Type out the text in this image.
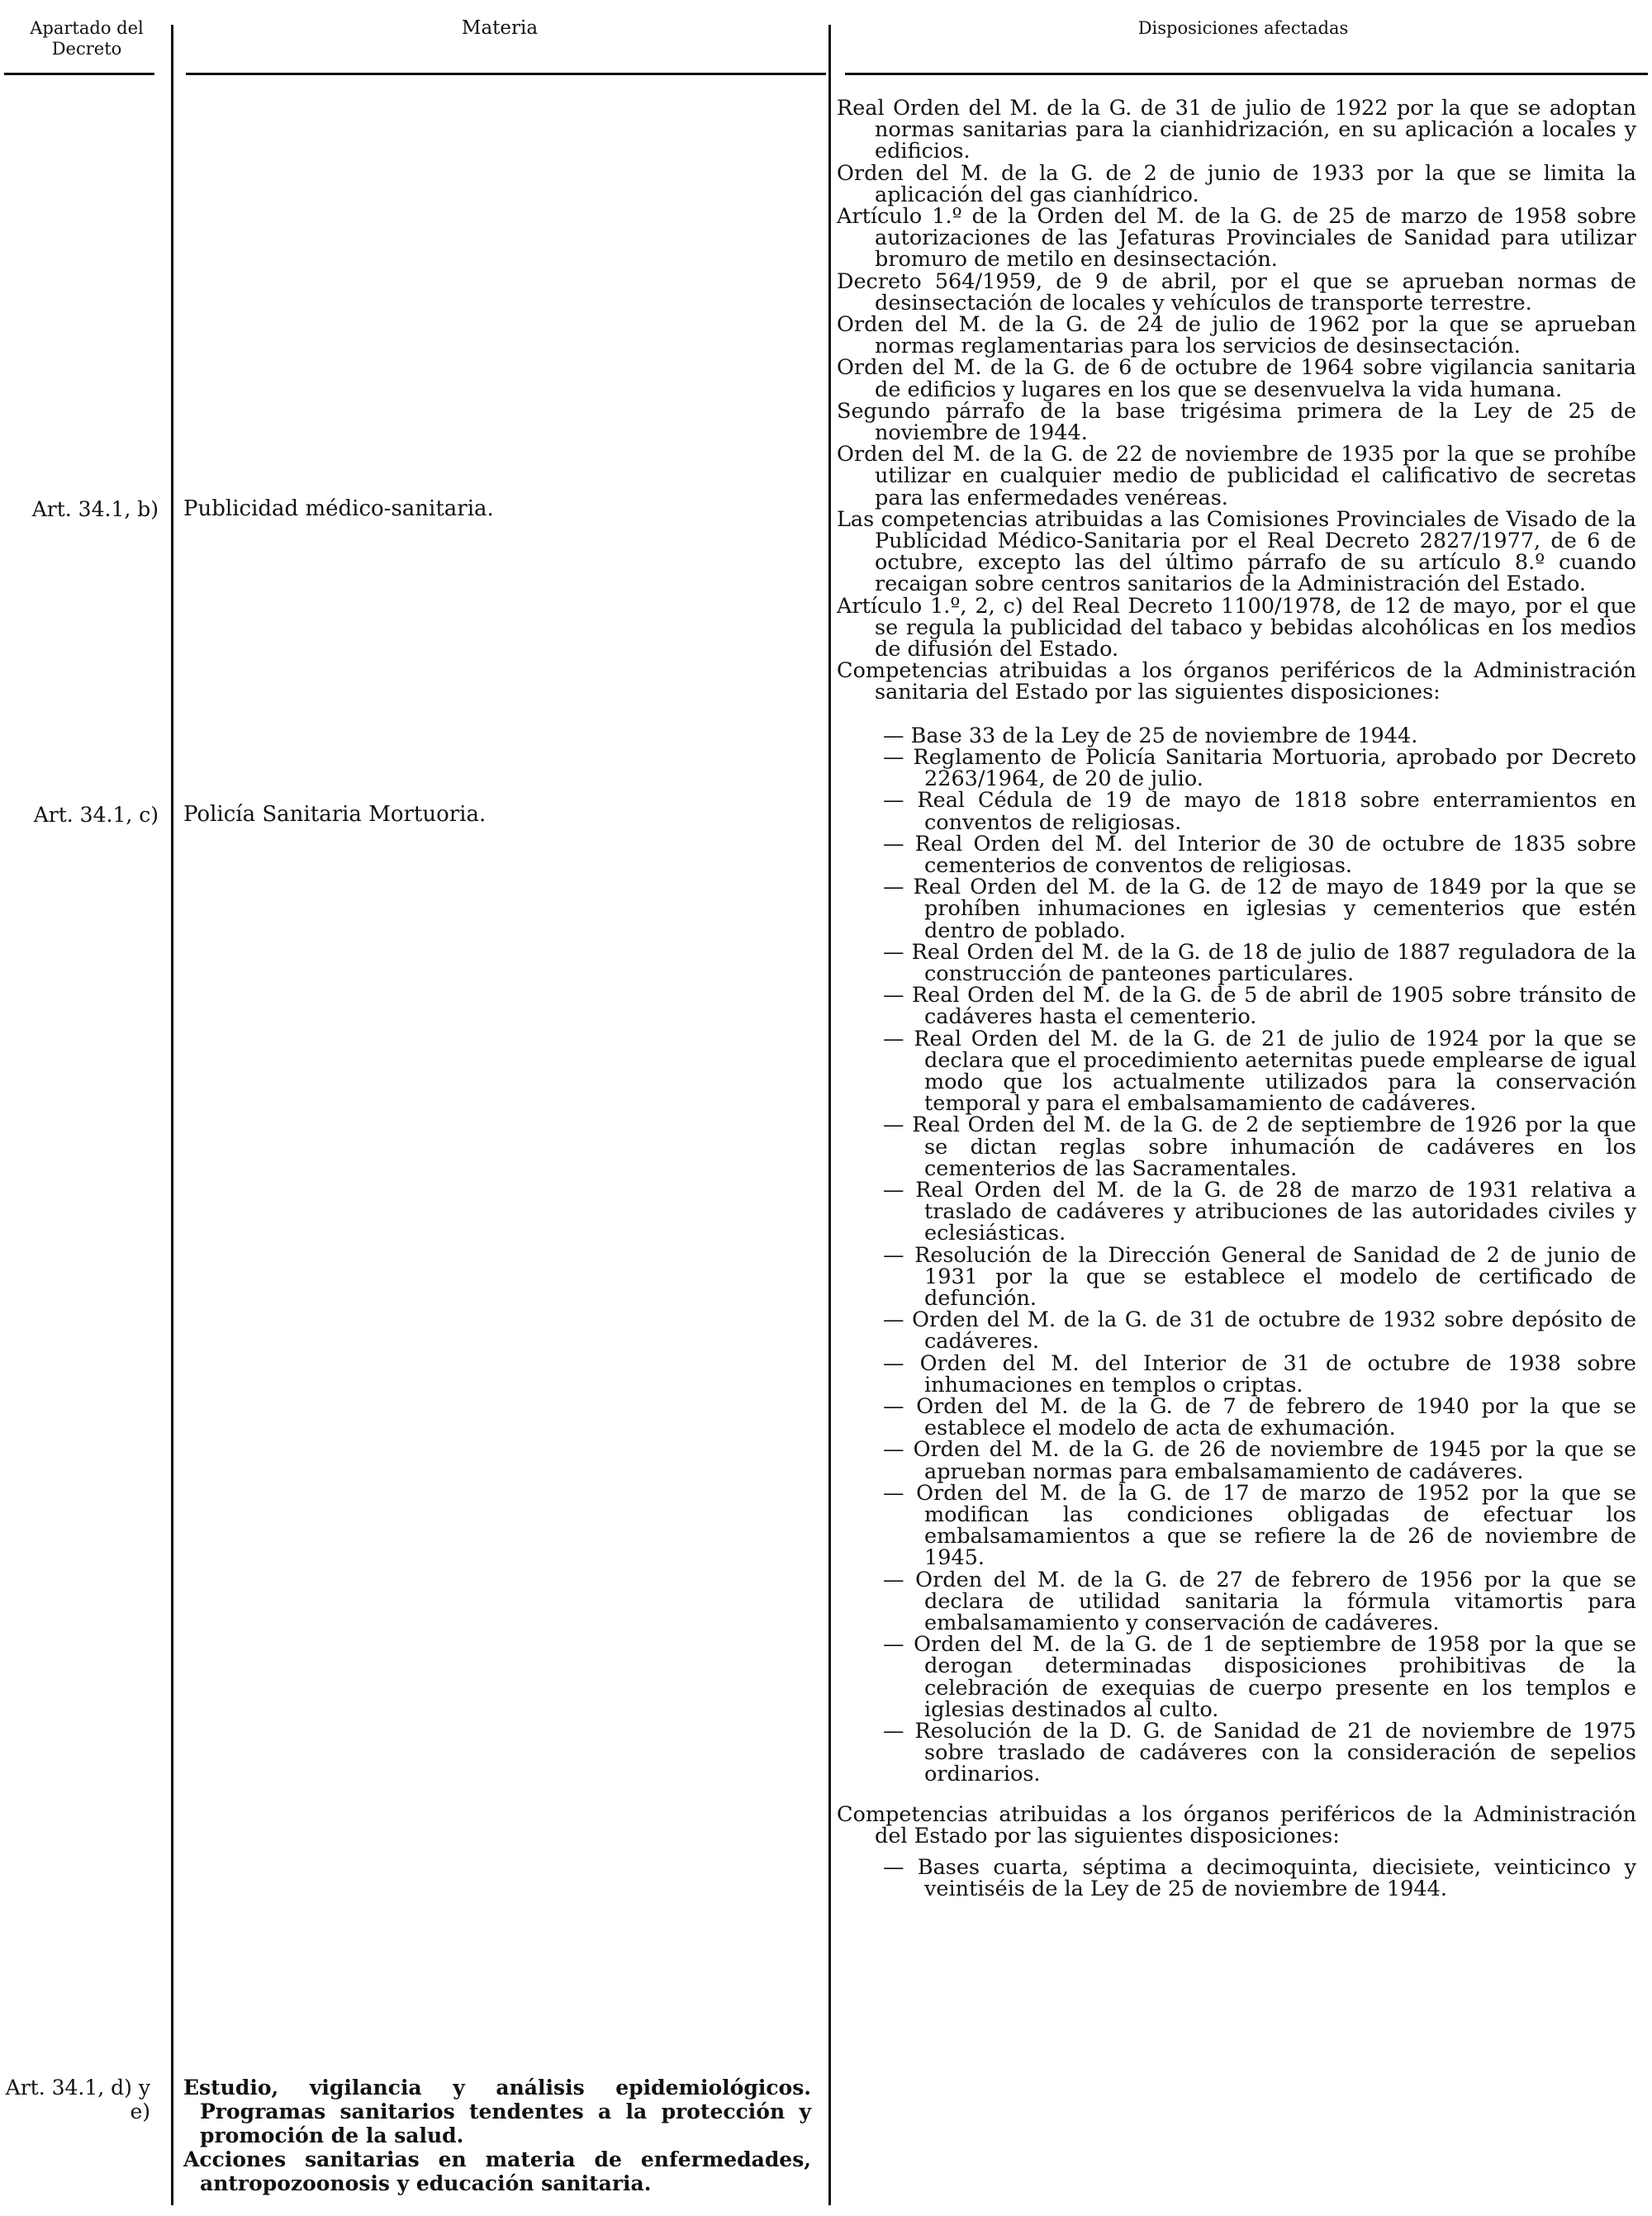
Apartado del Decreto
Materia	Disposiciones afectadas
Art. 34.1, b)
Art. 34.1, c)
Art. 34.1, d) y e)
Publicidad médico-sanitaria.
Policía Sanitaria Mortuoria.
Estudio, vigilancia y análisis epidemiológicos. Programas sanitarios tendentes a la protección y promoción de la salud.
Acciones sanitarias en materia de enfermedades, antropozoonosis y educación sanitaria.
Real Orden del M. de la G. de 31 de julio de 1922 por la que se adoptan normas sanitarias para la cianhidrización, en su aplicación a locales y edificios.
Orden del M. de la G. de 2 de junio de 1933 por la que se limita la aplicación del gas cianhídrico.
Artículo 1.º de la Orden del M. de la G. de 25 de marzo de 1958 sobre autorizaciones de las Jefaturas Provinciales de Sanidad para utilizar bromuro de metilo en desinsectación.
Decreto 564/1959, de 9 de abril, por el que se aprueban normas de desinsectación de locales y vehículos de transporte terrestre.
Orden del M. de la G. de 24 de julio de 1962 por la que se aprueban normas reglamentarias para los servicios de desinsectación.
Orden del M. de la G. de 6 de octubre de 1964 sobre vigilancia sanitaria de edificios y lugares en los que se desenvuelva la vida humana.
Segundo párrafo de la base trigésima primera de la Ley de 25 de noviembre de 1944.
Orden del M. de la G. de 22 de noviembre de 1935 por la que se prohíbe utilizar en cualquier medio de publicidad el calificativo de secretas para las enfermedades venéreas.
Las competencias atribuidas a las Comisiones Provinciales de Visado de la Publicidad Médico-Sanitaria por el Real Decreto 2827/1977, de 6 de octubre, excepto las del último párrafo de su artículo 8.º cuando recaigan sobre centros sanitarios de la Administración del Estado.
Artículo 1.º, 2, c) del Real Decreto 1100/1978, de 12 de mayo, por el que se regula la publicidad del tabaco y bebidas alcohólicas en los medios de difusión del Estado.
Competencias atribuidas a los órganos periféricos de la Administración sanitaria del Estado por las siguientes disposiciones:
— Base 33 de la Ley de 25 de noviembre de 1944.
— Reglamento de Policía Sanitaria Mortuoria, aprobado por Decreto 2263/1964, de 20 de julio.
— Real Cédula de 19 de mayo de 1818 sobre enterramientos en conventos de religiosas.
— Real Orden del M. del Interior de 30 de octubre de 1835 sobre cementerios de conventos de religiosas.
— Real Orden del M. de la G. de 12 de mayo de 1849 por la que se prohíben inhumaciones en iglesias y cementerios que estén dentro de poblado.
— Real Orden del M. de la G. de 18 de julio de 1887 reguladora de la construcción de panteones particulares.
— Real Orden del M. de la G. de 5 de abril de 1905 sobre tránsito de cadáveres hasta el cementerio.
— Real Orden del M. de la G. de 21 de julio de 1924 por la que se declara que el procedimiento aeternitas puede emplearse de igual modo que los actualmente utilizados para la conservación temporal y para el embalsamamiento de cadáveres.
— Real Orden del M. de la G. de 2 de septiembre de 1926 por la que se dictan reglas sobre inhumación de cadáveres en los cementerios de las Sacramentales.
— Real Orden del M. de la G. de 28 de marzo de 1931 relativa a traslado de cadáveres y atribuciones de las autoridades civiles y eclesiásticas.
— Resolución de la Dirección General de Sanidad de 2 de junio de 1931 por la que se establece el modelo de certificado de defunción.
— Orden del M. de la G. de 31 de octubre de 1932 sobre depósito de cadáveres.
— Orden del M. del Interior de 31 de octubre de 1938 sobre inhumaciones en templos o criptas.
— Orden del M. de la G. de 7 de febrero de 1940 por la que se establece el modelo de acta de exhumación.
— Orden del M. de la G. de 26 de noviembre de 1945 por la que se aprueban normas para embalsamamiento de cadáveres.
— Orden del M. de la G. de 17 de marzo de 1952 por la que se modifican las condiciones obligadas de efectuar los embalsamamientos a que se refiere la de 26 de noviembre de 1945.
— Orden del M. de la G. de 27 de febrero de 1956 por la que se declara de utilidad sanitaria la fórmula vitamortis para embalsamamiento y conservación de cadáveres.
— Orden del M. de la G. de 1 de septiembre de 1958 por la que se derogan determinadas disposiciones prohibitivas de la celebración de exequias de cuerpo presente en los templos e iglesias destinados al culto.
— Resolución de la D. G. de Sanidad de 21 de noviembre de 1975 sobre traslado de cadáveres con la consideración de sepelios ordinarios.
Competencias atribuidas a los órganos periféricos de la Administración del Estado por las siguientes disposiciones:
— Bases cuarta, séptima a decimoquinta, diecisiete, veinticinco y veintiséis de la Ley de 25 de noviembre de 1944.
